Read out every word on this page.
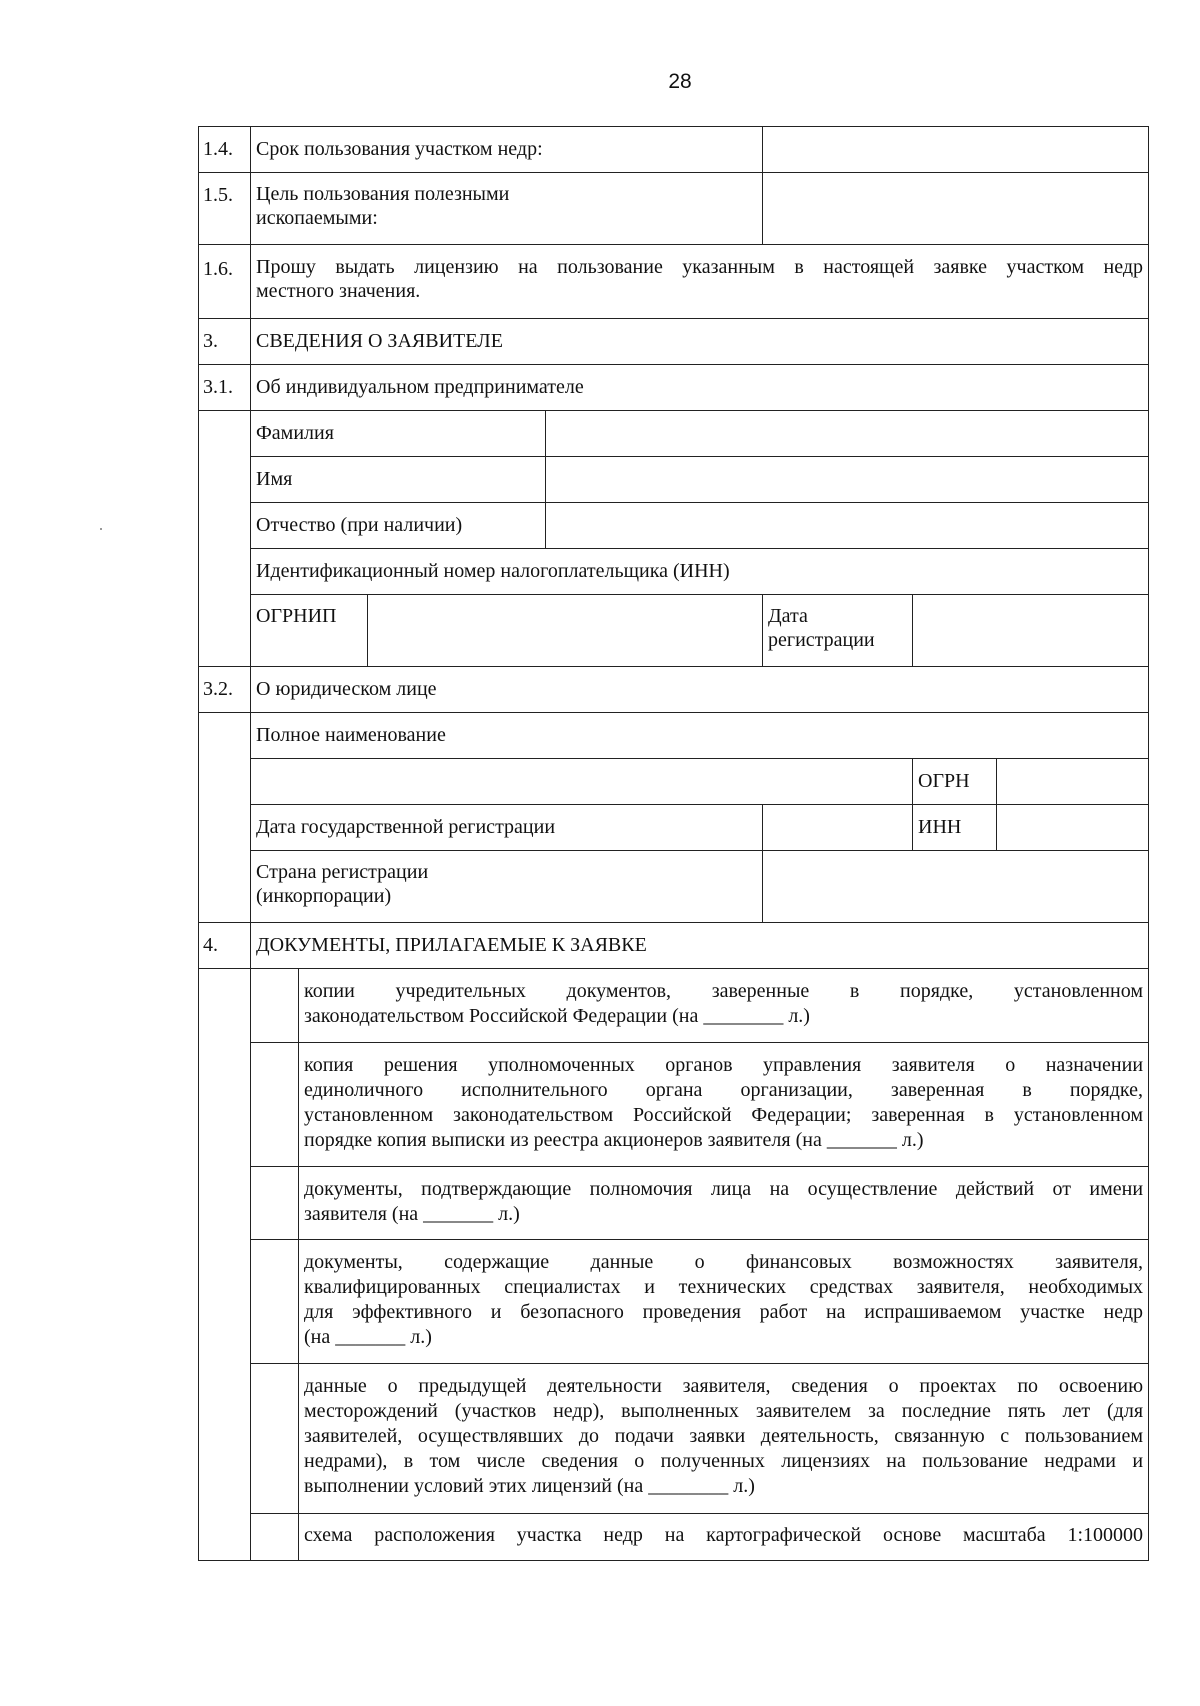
28
1.4.	Срок пользования участком недр:						
1.5.	Цель пользования полезными
ископаемыми:						

1.6.	Прошу выдать лицензию на пользование указанным в настоящей заявке участком недр
местного значения.						

3.	СВЕДЕНИЯ О ЗАЯВИТЕЛЕ						
3.1.	Об индивидуальном предпринимателе						
	Фамилия						
	Имя						
	Отчество (при наличии)						
	Идентификационный номер налогоплательщика (ИНН)						
	ОГРНИП				Дата
регистрации		

3.2.	О юридическом лице						
	Полное наименование						
						ОГРН	
	Дата государственной регистрации					ИНН	

	Страна регистрации
(инкорпорации)						

4.	ДОКУМЕНТЫ, ПРИЛАГАЕМЫЕ К ЗАЯВКЕ						

		копии учредительных документов, заверенные в порядке, установленном
законодательством Российской Федерации (на ________ л.)					

		копия решения уполномоченных органов управления заявителя о назначении
единоличного исполнительного органа организации, заверенная в порядке,
установленном законодательством Российской Федерации; заверенная в установленном
порядке копия выписки из реестра акционеров заявителя (на _______ л.)					

		документы, подтверждающие полномочия лица на осуществление действий от имени
заявителя (на _______ л.)					

		документы, содержащие данные о финансовых возможностях заявителя,
квалифицированных специалистах и технических средствах заявителя, необходимых
для эффективного и безопасного проведения работ на испрашиваемом участке недр
(на _______ л.)					

		данные о предыдущей деятельности заявителя, сведения о проектах по освоению
месторождений (участков недр), выполненных заявителем за последние пять лет (для
заявителей, осуществлявших до подачи заявки деятельность, связанную с пользованием
недрами), в том числе сведения о полученных лицензиях на пользование недрами и
выполнении условий этих лицензий (на ________ л.)					

		схема расположения участка недр на картографической основе масштаба 1:100000					
